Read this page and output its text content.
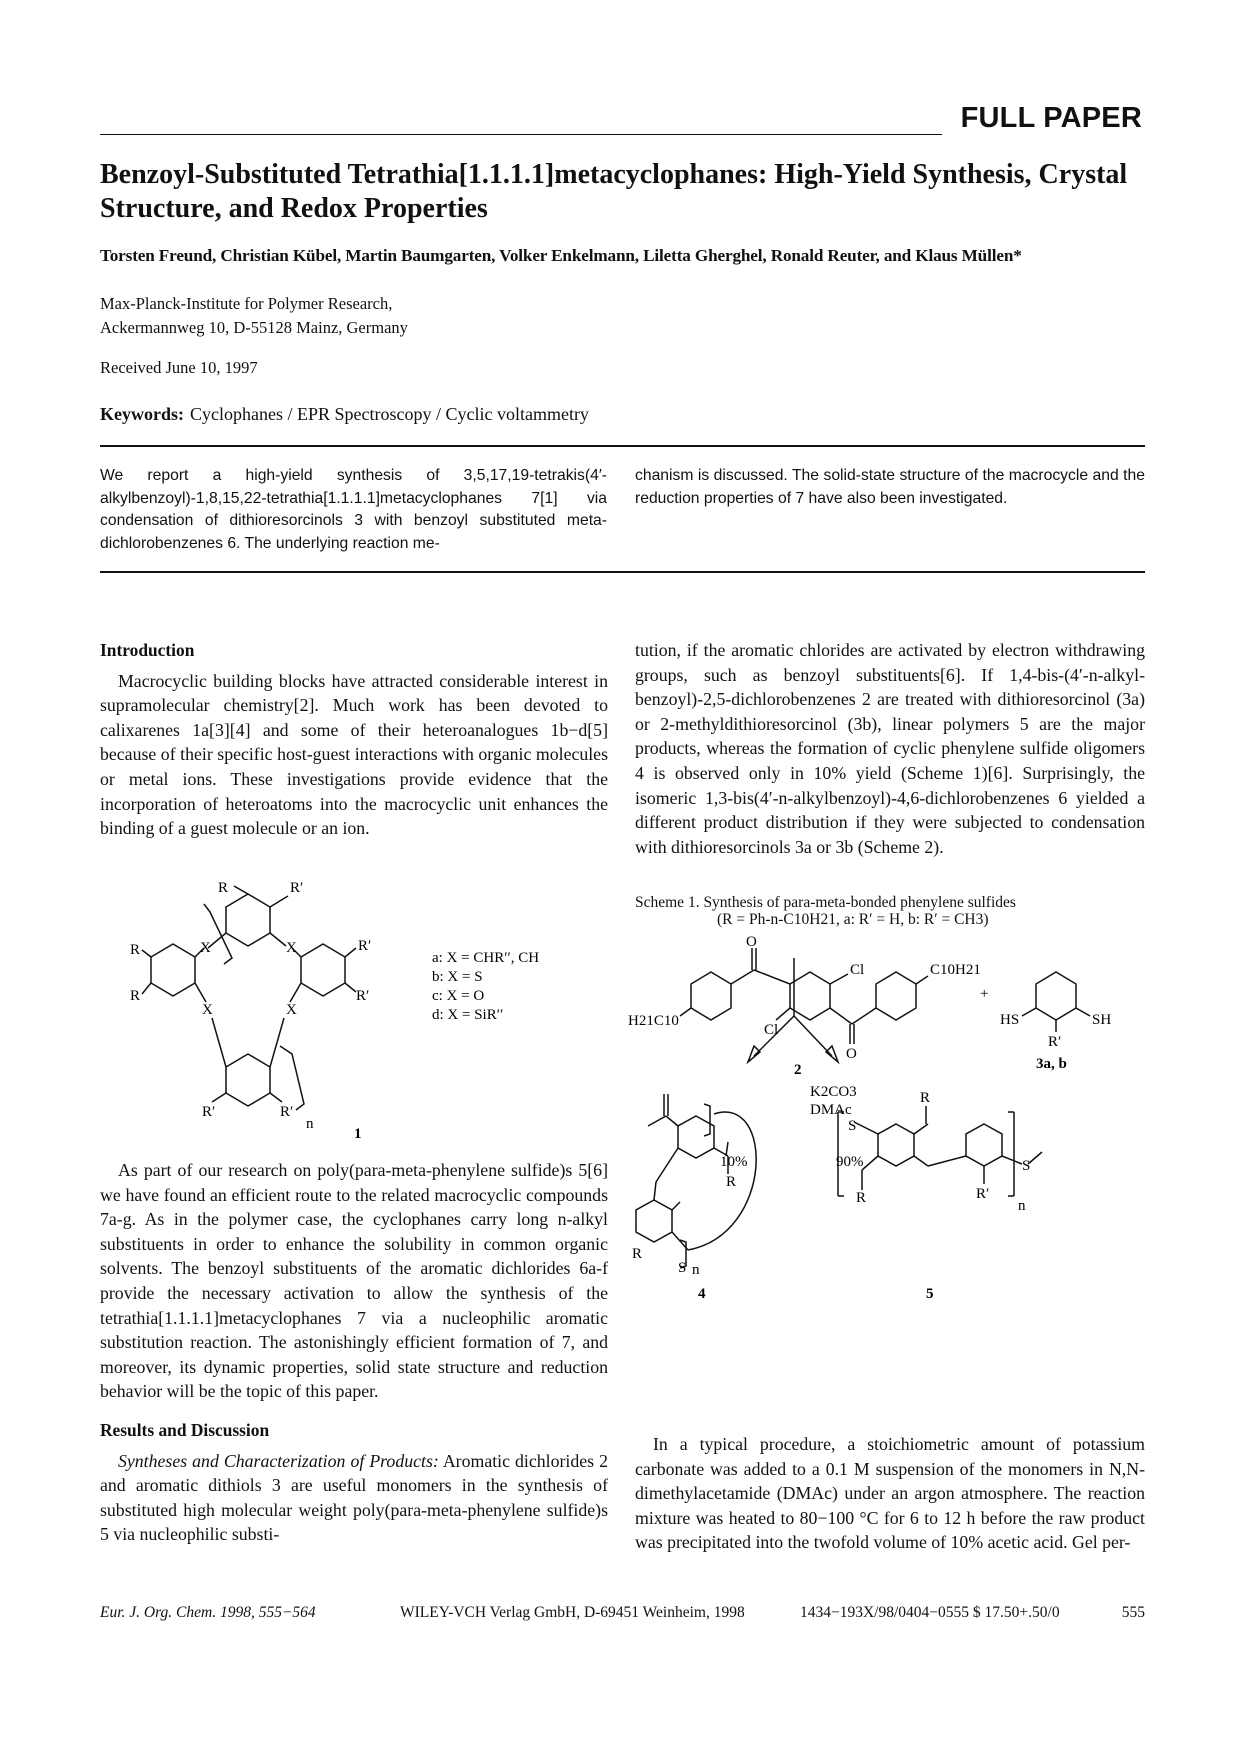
FULL PAPER
Benzoyl-Substituted Tetrathia[1.1.1.1]metacyclophanes: High-Yield Synthesis, Crystal Structure, and Redox Properties
Torsten Freund, Christian Kübel, Martin Baumgarten, Volker Enkelmann, Liletta Gherghel, Ronald Reuter, and Klaus Müllen*
Max-Planck-Institute for Polymer Research,
Ackermannweg 10, D-55128 Mainz, Germany
Received June 10, 1997
Keywords: Cyclophanes / EPR Spectroscopy / Cyclic voltammetry
We report a high-yield synthesis of 3,5,17,19-tetrakis(4′-alkylbenzoyl)-1,8,15,22-tetrathia[1.1.1.1]metacyclophanes 7[1] via condensation of dithioresorcinols 3 with benzoyl substituted meta-dichlorobenzenes 6. The underlying reaction me-
chanism is discussed. The solid-state structure of the macrocycle and the reduction properties of 7 have also been investigated.
Introduction

Macrocyclic building blocks have attracted considerable interest in supramolecular chemistry[2]. Much work has been devoted to calixarenes 1a[3][4] and some of their heteroanalogues 1b−d[5] because of their specific host-guest interactions with organic molecules or metal ions. These investigations provide evidence that the incorporation of heteroatoms into the macrocyclic unit enhances the binding of a guest molecule or an ion.

R′
R
X	X
R	R′
R
X	X
R′
R′	R′
n
1
a: X = CHR′′, CH
b: X = S
c: X = O
d: X = SiR′′

As part of our research on poly(para-meta-phenylene sulfide)s 5[6] we have found an efficient route to the related macrocyclic compounds 7a-g. As in the polymer case, the cyclophanes carry long n-alkyl substituents in order to enhance the solubility in common organic solvents. The benzoyl substituents of the aromatic dichlorides 6a-f provide the necessary activation to allow the synthesis of the tetrathia[1.1.1.1]metacyclophanes 7 via a nucleophilic aromatic substitution reaction. The astonishingly efficient formation of 7, and moreover, its dynamic properties, solid state structure and reduction behavior will be the topic of this paper.

Results and Discussion

Syntheses and Characterization of Products: Aromatic dichlorides 2 and aromatic dithiols 3 are useful monomers in the synthesis of substituted high molecular weight poly(para-meta-phenylene sulfide)s 5 via nucleophilic substi-

tution, if the aromatic chlorides are activated by electron withdrawing groups, such as benzoyl substituents[6]. If 1,4-bis-(4′-n-alkyl-benzoyl)-2,5-dichlorobenzenes 2 are treated with dithioresorcinol (3a) or 2-methyldithioresorcinol (3b), linear polymers 5 are the major products, whereas the formation of cyclic phenylene sulfide oligomers 4 is observed only in 10% yield (Scheme 1)[6]. Surprisingly, the isomeric 1,3-bis(4′-n-alkylbenzoyl)-4,6-dichlorobenzenes 6 yielded a different product distribution if they were subjected to condensation with dithioresorcinols 3a or 3b (Scheme 2).

Scheme 1. Synthesis of para-meta-bonded phenylene sulfides
(R = Ph-n-C10H21, a: R′ = H, b: R′ = CH3)
O
O
Cl
Cl
C10H21
H21C10
+
HS	SH
R′
3a, b
2
K2CO3
DMAc
10%	90%
R
S
R
n
4
S
R
R	R′
S
n
5

In a typical procedure, a stoichiometric amount of potassium carbonate was added to a 0.1 M suspension of the monomers in N,N-dimethylacetamide (DMAc) under an argon atmosphere. The reaction mixture was heated to 80−100 °C for 6 to 12 h before the raw product was precipitated into the twofold volume of 10% acetic acid. Gel per-

Eur. J. Org. Chem. 1998, 555−564	WILEY-VCH Verlag GmbH, D-69451 Weinheim, 1998	1434−193X/98/0404−0555 $ 17.50+.50/0	555
